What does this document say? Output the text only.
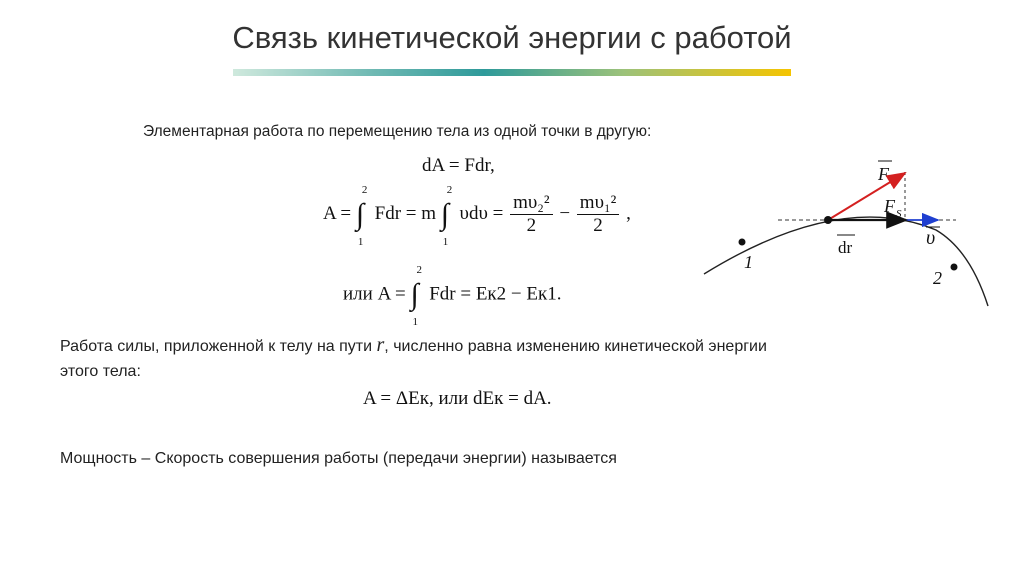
Связь кинетической энергии с работой
Элементарная работа по перемещению тела из одной точки в другую:
dA = Fdr,
A = ∫
2
1
Fdr = m ∫
2
1
$\upsilon d\upsilon = \frac{\text{mυ₂²}}{2} - \frac{\text{mυ₁²}}{2}$ ,
или A = ∫
2
1
Fdr = Eк2 − Eк1.
Работа силы, приложенной к телу на пути r, численно равна изменению кинетической энергии
этого тела:
A = ΔEк, или dEк = dA.
Мощность – Скорость совершения работы (передачи энергии) называется
F
F S
υ
dr
1
2
